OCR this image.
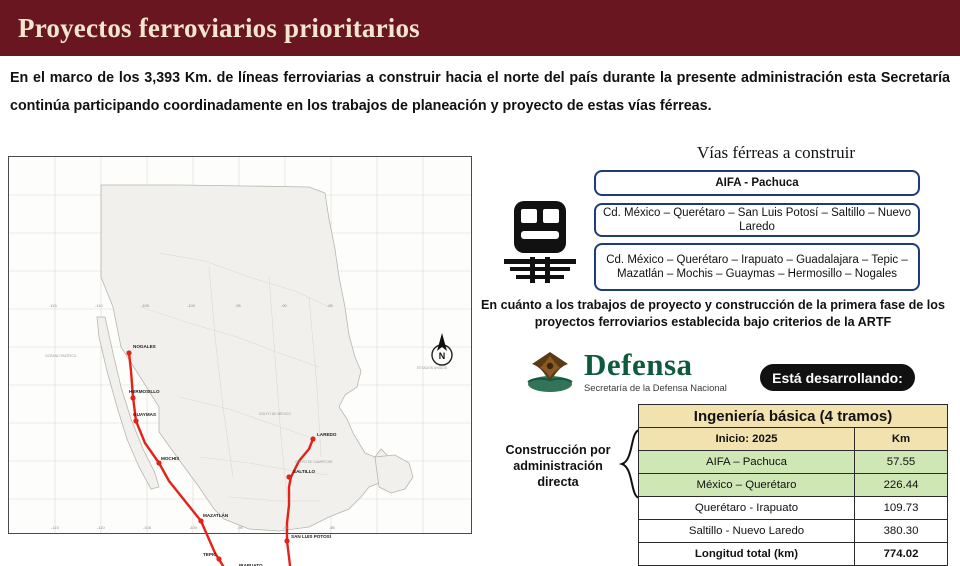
Proyectos ferroviarios prioritarios
En el marco de los 3,393 Km. de líneas ferroviarias a construir hacia el norte del país durante la presente administración esta Secretaría continúa participando coordinadamente en los trabajos de planeación y proyecto de estas vías férreas.
NOGALES
HERMOSILLO
GUAYMAS
MOCHIS
LAREDO
SALTILLO
MAZATLÁN
SAN LUIS POTOSÍ
TEPIC
IRAPUATO
OCÉANO PACÍFICO
GOLFO DE MÉXICO
GOLFO DE CAMPECHE
ESTADOS UNIDOS
-115	-110	-105	-100	-95	-90	-85
-115	-110	-105	-100	-95	-90	-85
N
Vías férreas a construir
AIFA - Pachuca
Cd. México – Querétaro – San Luis Potosí – Saltillo – Nuevo Laredo
Cd. México – Querétaro – Irapuato – Guadalajara – Tepic – Mazatlán – Mochis – Guaymas – Hermosillo – Nogales
En cuánto a los trabajos de proyecto y construcción de la primera fase de los proyectos ferroviarios establecida bajo criterios de la ARTF
Defensa
Secretaría de la Defensa Nacional
Está desarrollando:
Construcción por administración directa
Ingeniería básica (4 tramos)	
Inicio: 2025	Km
AIFA – Pachuca	57.55
México – Querétaro	226.44
Querétaro - Irapuato	109.73
Saltillo - Nuevo Laredo	380.30
Longitud total (km)	774.02
